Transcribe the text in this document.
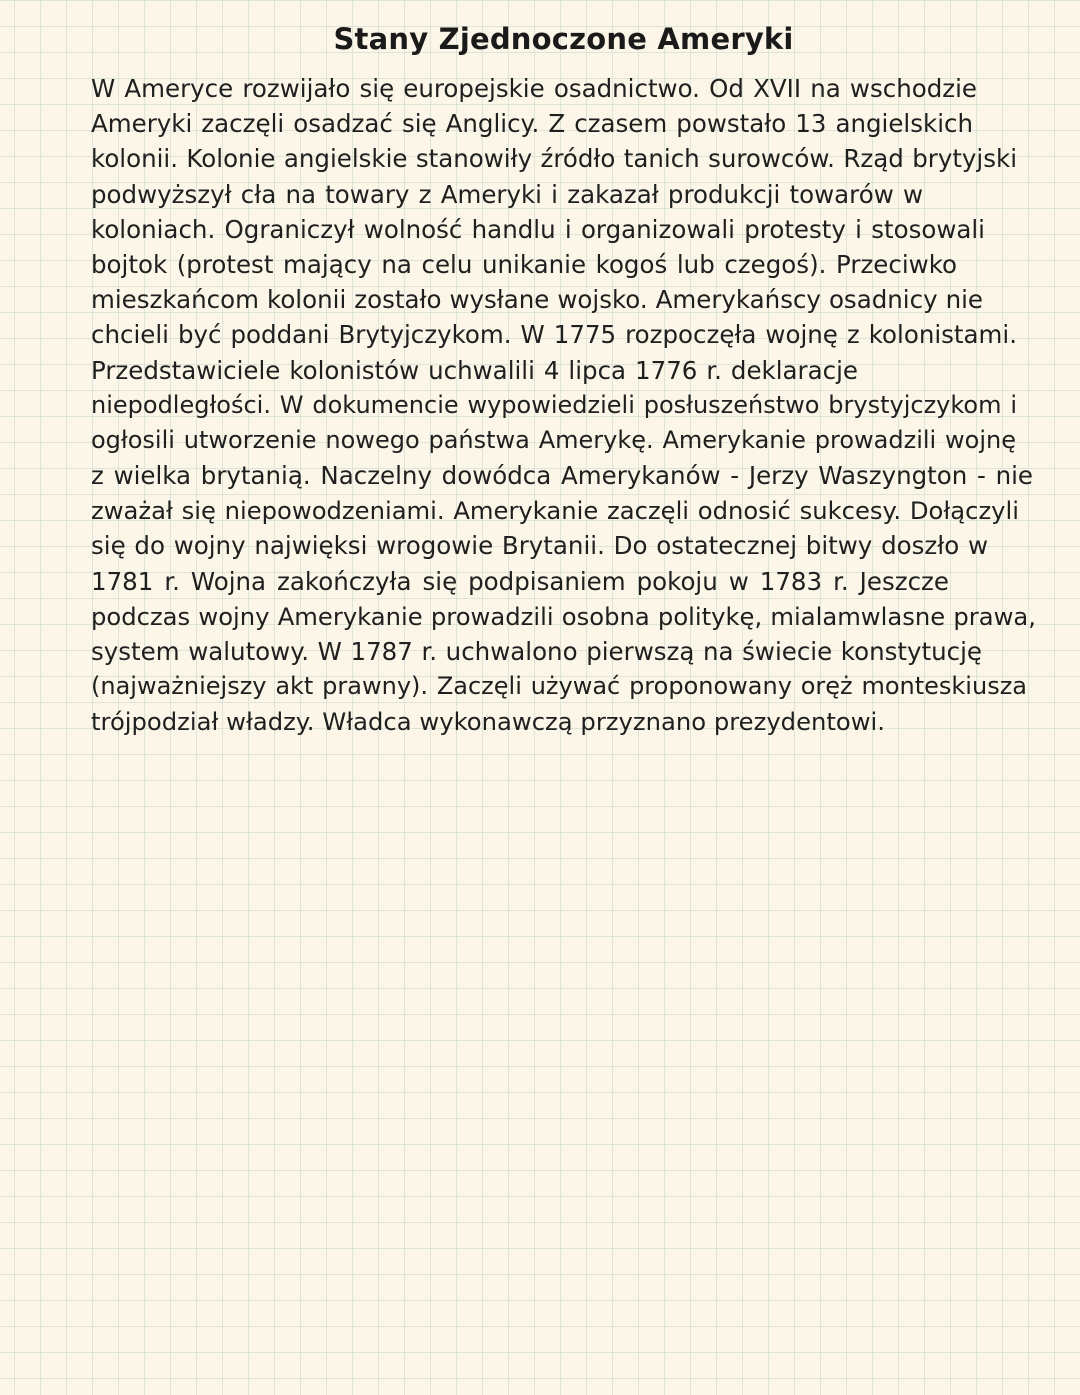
Stany Zjednoczone Ameryki
W Ameryce rozwijało się europejskie osadnictwo. Od XVII na wschodzie
Ameryki zaczęli osadzać się Anglicy. Z czasem powstało 13 angielskich
kolonii. Kolonie angielskie stanowiły źródło tanich surowców. Rząd brytyjski
podwyższył cła na towary z Ameryki i zakazał produkcji towarów w
koloniach. Ograniczył wolność handlu i organizowali protesty i stosowali
bojtok (protest mający na celu unikanie kogoś lub czegoś). Przeciwko
mieszkańcom kolonii zostało wysłane wojsko. Amerykańscy osadnicy nie
chcieli być poddani Brytyjczykom. W 1775 rozpoczęła wojnę z kolonistami.
Przedstawiciele kolonistów uchwalili 4 lipca 1776 r. deklaracje
niepodległości. W dokumencie wypowiedzieli posłuszeństwo brystyjczykom i
ogłosili utworzenie nowego państwa Amerykę. Amerykanie prowadzili wojnę
z wielka brytanią. Naczelny dowódca Amerykanów - Jerzy Waszyngton - nie
zważał się niepowodzeniami. Amerykanie zaczęli odnosić sukcesy. Dołączyli
się do wojny najwięksi wrogowie Brytanii. Do ostatecznej bitwy doszło w
1781 r. Wojna zakończyła się podpisaniem pokoju w 1783 r. Jeszcze
podczas wojny Amerykanie prowadzili osobna politykę, mialamwlasne prawa,
system walutowy. W 1787 r. uchwalono pierwszą na świecie konstytucję
(najważniejszy akt prawny). Zaczęli używać proponowany oręż monteskiusza
trójpodział władzy. Władca wykonawczą przyznano prezydentowi.
